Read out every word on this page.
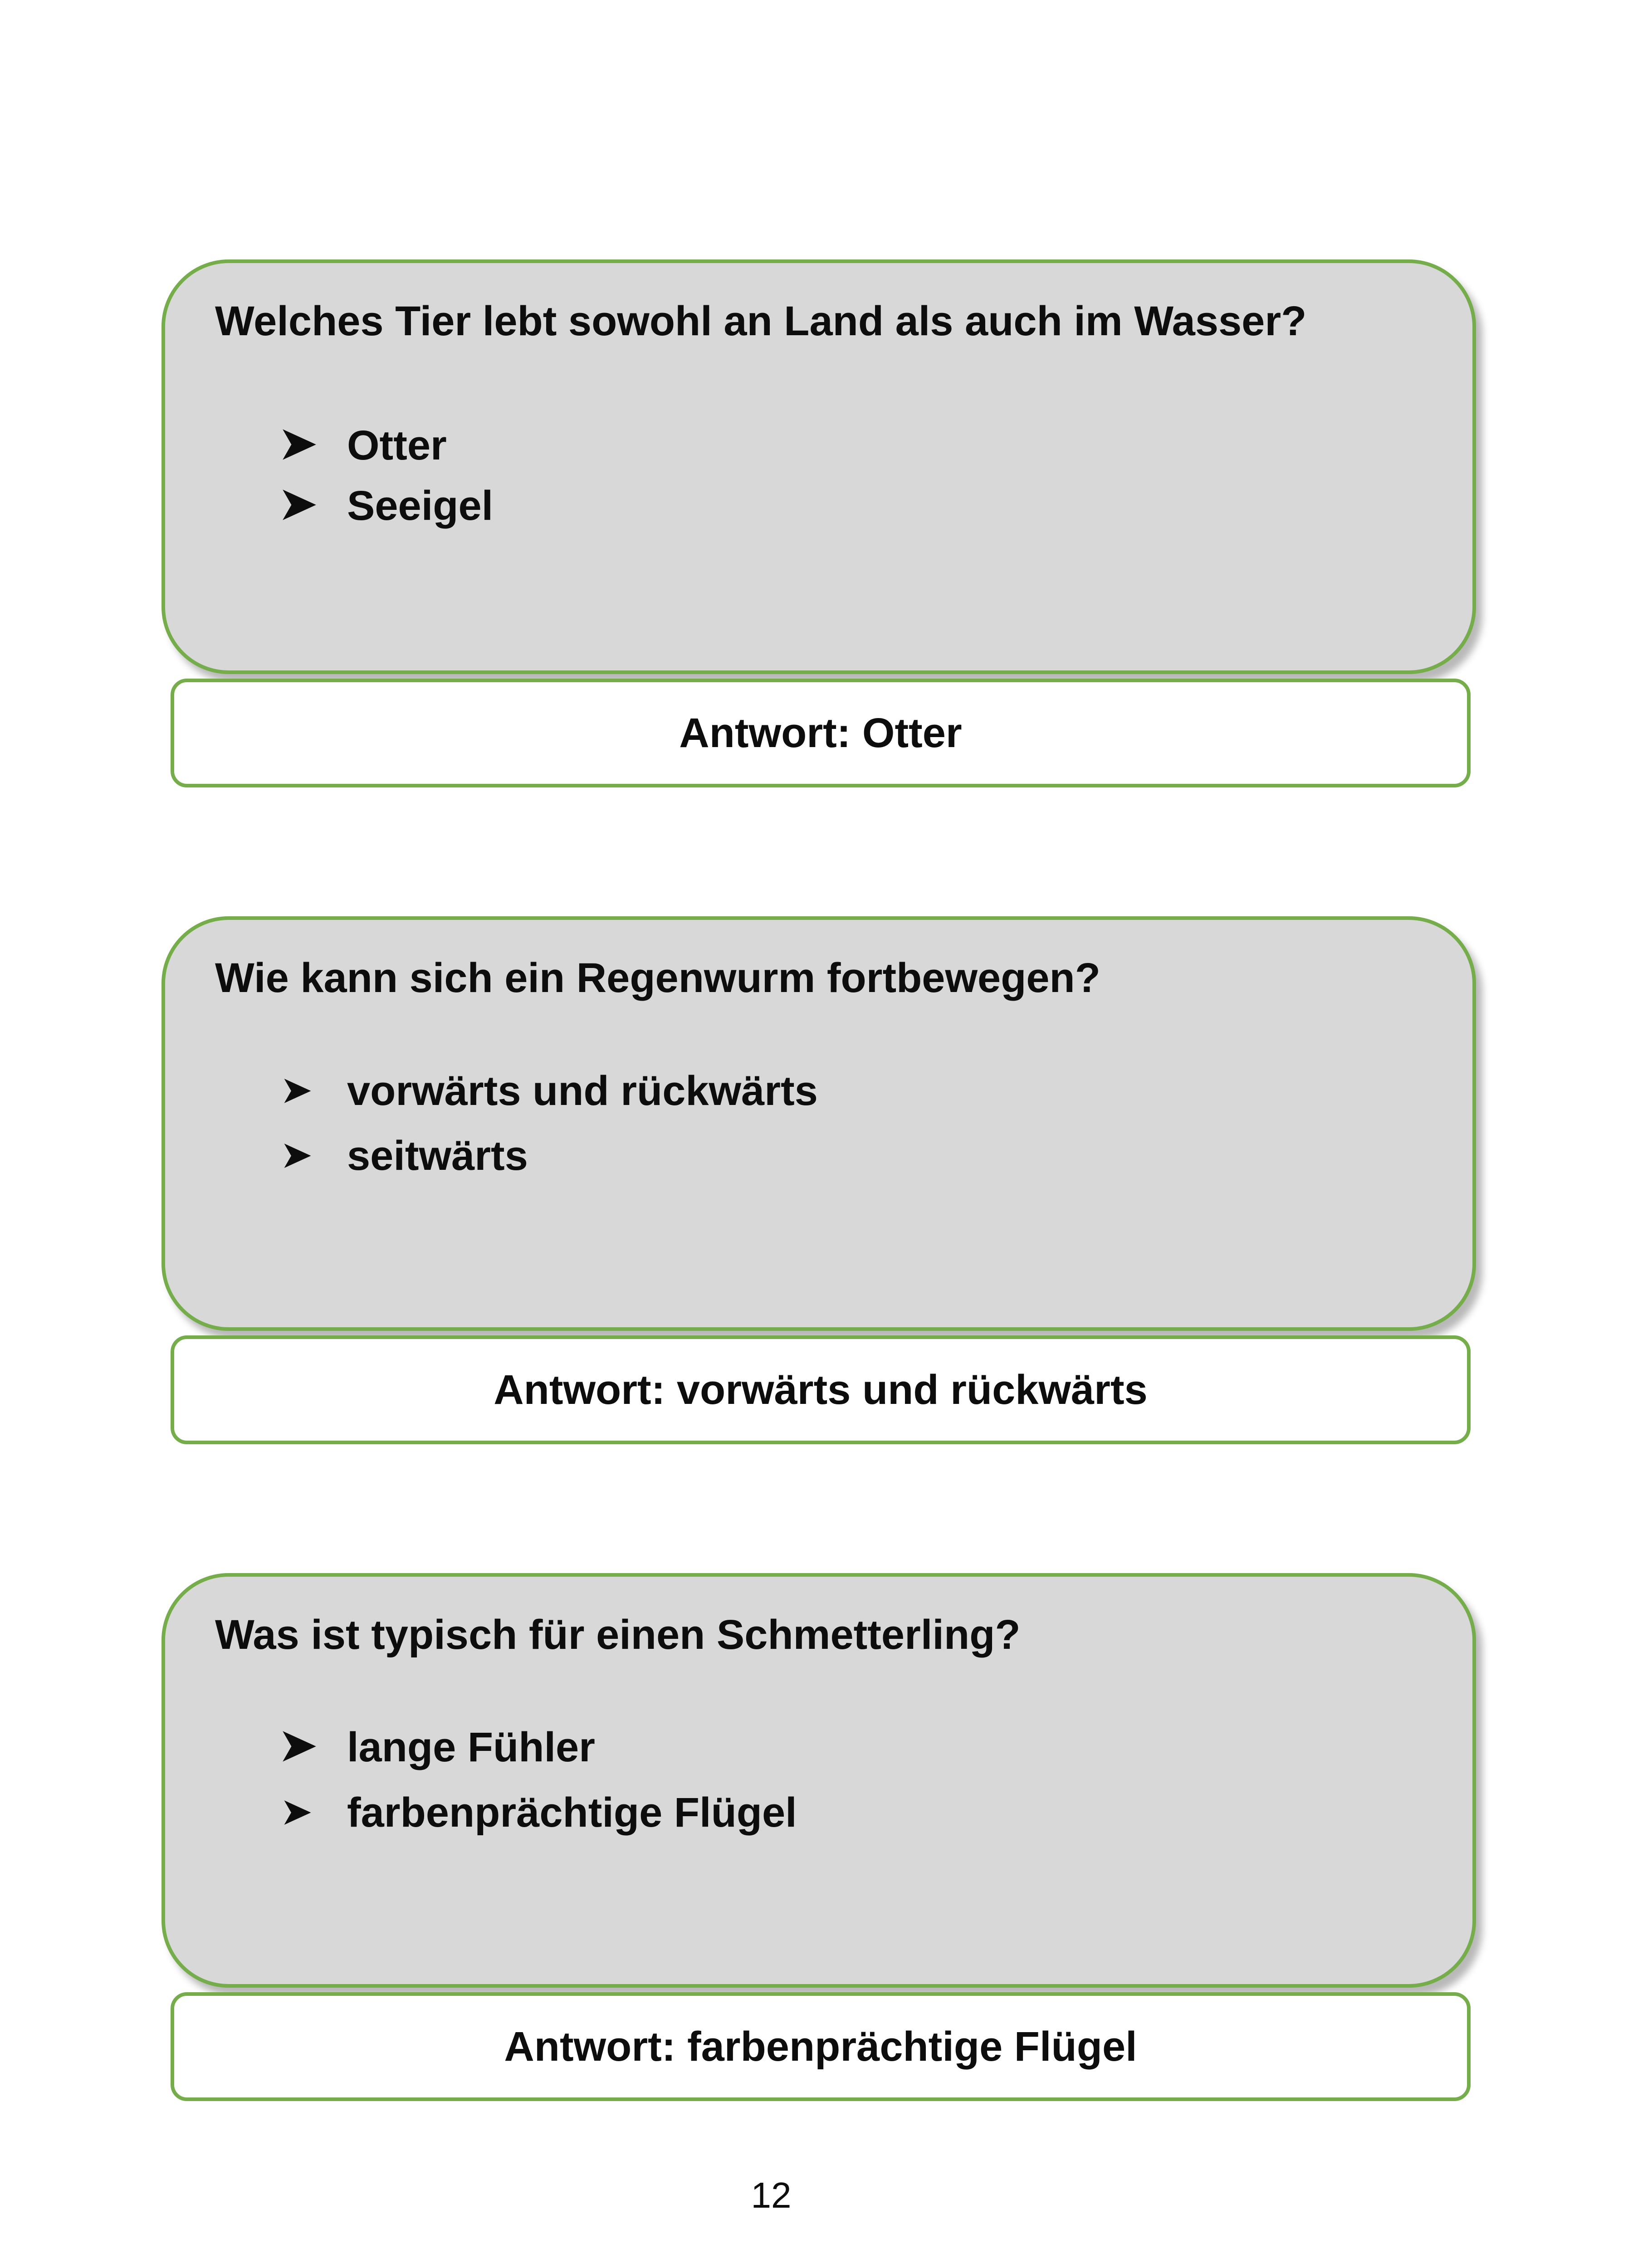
Welches Tier lebt sowohl an Land als auch im Wasser?

Otter
Seeigel
Antwort: Otter

Wie kann sich ein Regenwurm fortbewegen?

vorwärts und rückwärts
seitwärts
Antwort: vorwärts und rückwärts

Was ist typisch für einen Schmetterling?

lange Fühler
farbenprächtige Flügel
Antwort: farbenprächtige Flügel
12
